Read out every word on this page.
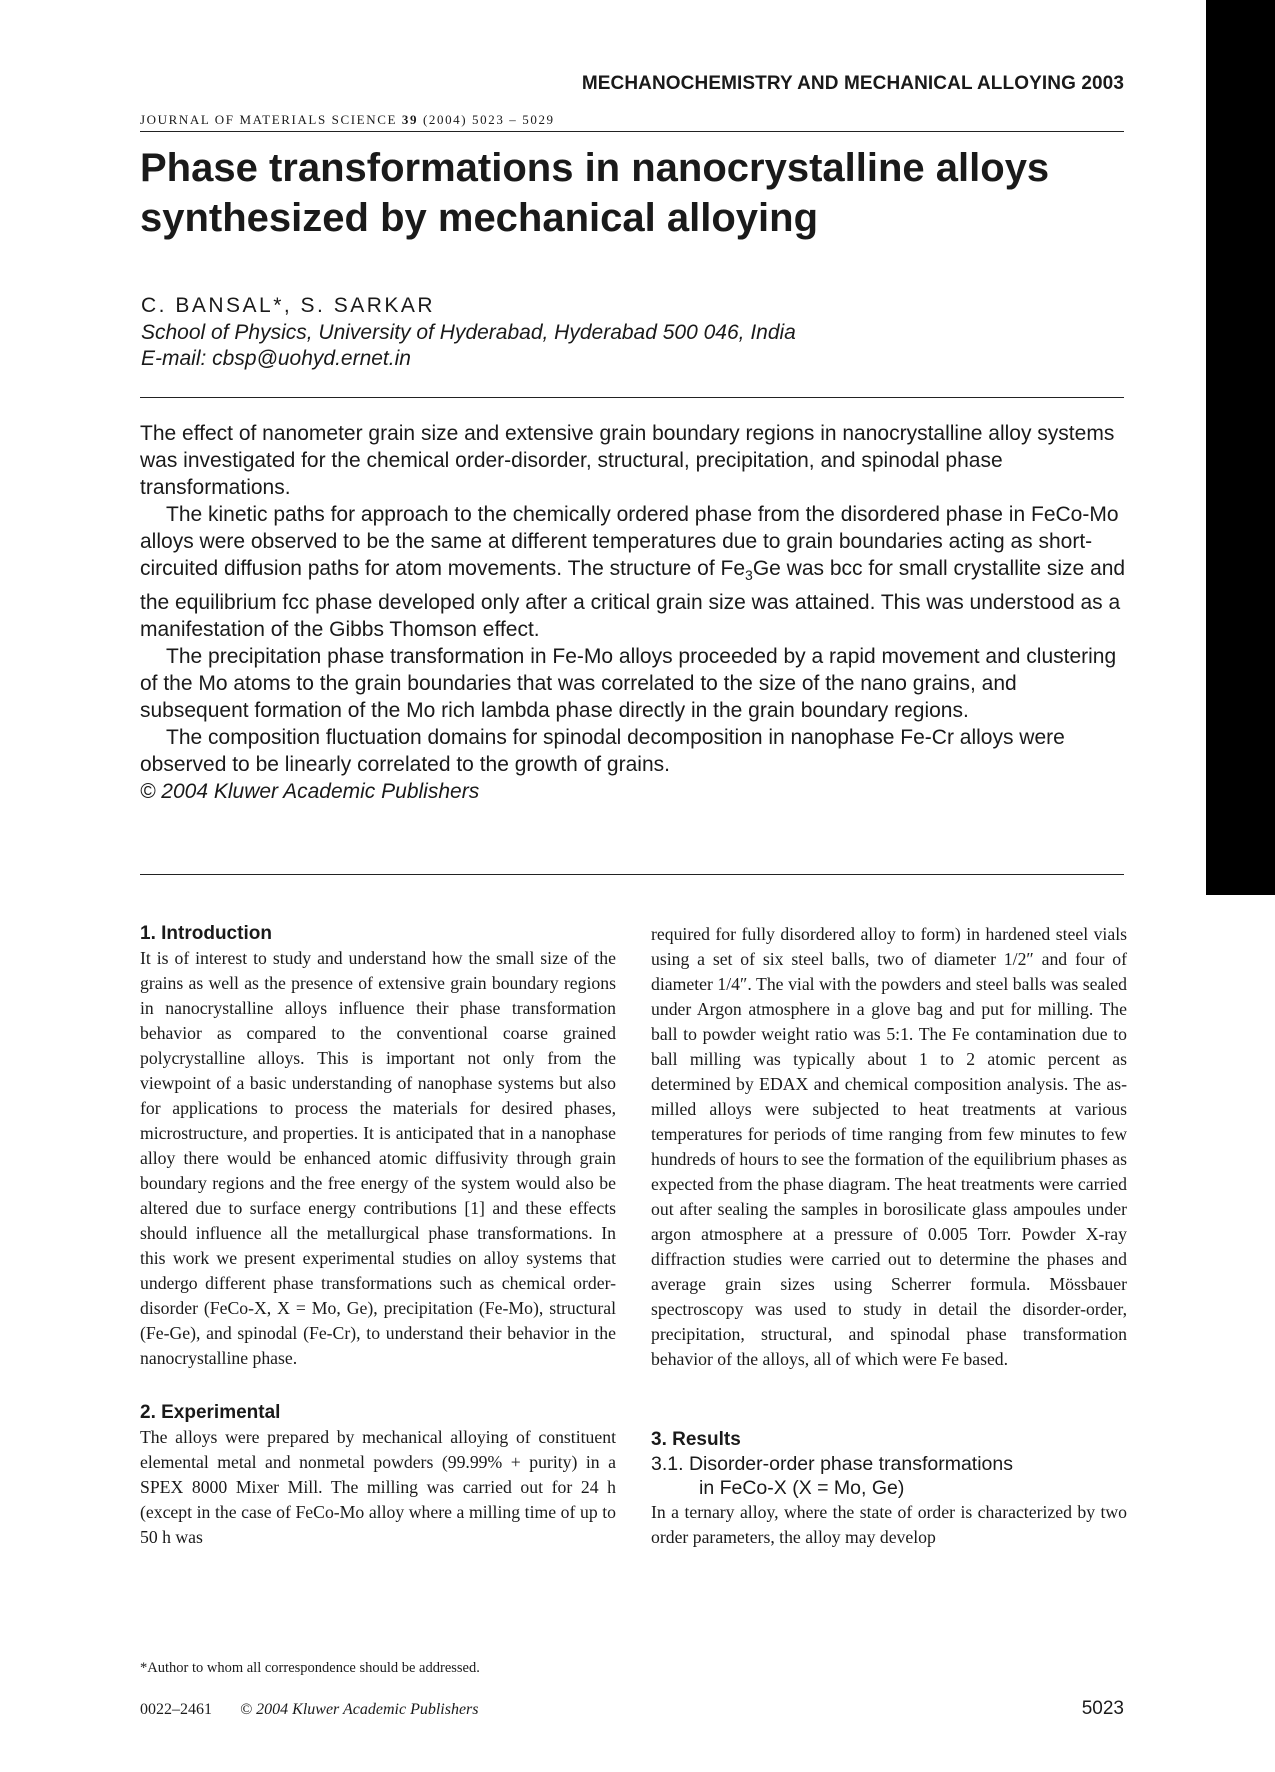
MECHANOCHEMISTRY AND MECHANICAL ALLOYING 2003
JOURNAL OF MATERIALS SCIENCE 39 (2004) 5023 – 5029
Phase transformations in nanocrystalline alloys synthesized by mechanical alloying
C. BANSAL*, S. SARKAR
School of Physics, University of Hyderabad, Hyderabad 500 046, India
E-mail: cbsp@uohyd.ernet.in

The effect of nanometer grain size and extensive grain boundary regions in nanocrystalline alloy systems was investigated for the chemical order-disorder, structural, precipitation, and spinodal phase transformations.

The kinetic paths for approach to the chemically ordered phase from the disordered phase in FeCo-Mo alloys were observed to be the same at different temperatures due to grain boundaries acting as short-circuited diffusion paths for atom movements. The structure of $Fe_3Ge$ was bcc for small crystallite size and the equilibrium fcc phase developed only after a critical grain size was attained. This was understood as a manifestation of the Gibbs Thomson effect.

The precipitation phase transformation in Fe-Mo alloys proceeded by a rapid movement and clustering of the Mo atoms to the grain boundaries that was correlated to the size of the nano grains, and subsequent formation of the Mo rich lambda phase directly in the grain boundary regions.

The composition fluctuation domains for spinodal decomposition in nanophase Fe-Cr alloys were observed to be linearly correlated to the growth of grains.

© 2004 Kluwer Academic Publishers

1. Introduction

It is of interest to study and understand how the small size of the grains as well as the presence of extensive grain boundary regions in nanocrystalline alloys influence their phase transformation behavior as compared to the conventional coarse grained polycrystalline alloys. This is important not only from the viewpoint of a basic understanding of nanophase systems but also for applications to process the materials for desired phases, microstructure, and properties. It is anticipated that in a nanophase alloy there would be enhanced atomic diffusivity through grain boundary regions and the free energy of the system would also be altered due to surface energy contributions [1] and these effects should influence all the metallurgical phase transformations. In this work we present experimental studies on alloy systems that undergo different phase transformations such as chemical order-disorder (FeCo-X, X = Mo, Ge), precipitation (Fe-Mo), structural (Fe-Ge), and spinodal (Fe-Cr), to understand their behavior in the nanocrystalline phase.

2. Experimental

The alloys were prepared by mechanical alloying of constituent elemental metal and nonmetal powders (99.99% + purity) in a SPEX 8000 Mixer Mill. The milling was carried out for 24 h (except in the case of FeCo-Mo alloy where a milling time of up to 50 h was

required for fully disordered alloy to form) in hardened steel vials using a set of six steel balls, two of diameter 1/2″ and four of diameter 1/4″. The vial with the powders and steel balls was sealed under Argon atmosphere in a glove bag and put for milling. The ball to powder weight ratio was 5:1. The Fe contamination due to ball milling was typically about 1 to 2 atomic percent as determined by EDAX and chemical composition analysis. The as-milled alloys were subjected to heat treatments at various temperatures for periods of time ranging from few minutes to few hundreds of hours to see the formation of the equilibrium phases as expected from the phase diagram. The heat treatments were carried out after sealing the samples in borosilicate glass ampoules under argon atmosphere at a pressure of 0.005 Torr. Powder X-ray diffraction studies were carried out to determine the phases and average grain sizes using Scherrer formula. Mössbauer spectroscopy was used to study in detail the disorder-order, precipitation, structural, and spinodal phase transformation behavior of the alloys, all of which were Fe based.

3. Results
3.1. Disorder-order phase transformations
in FeCo-X (X = Mo, Ge)

In a ternary alloy, where the state of order is characterized by two order parameters, the alloy may develop

*Author to whom all correspondence should be addressed.
0022–2461 © 2004 Kluwer Academic Publishers	5023
